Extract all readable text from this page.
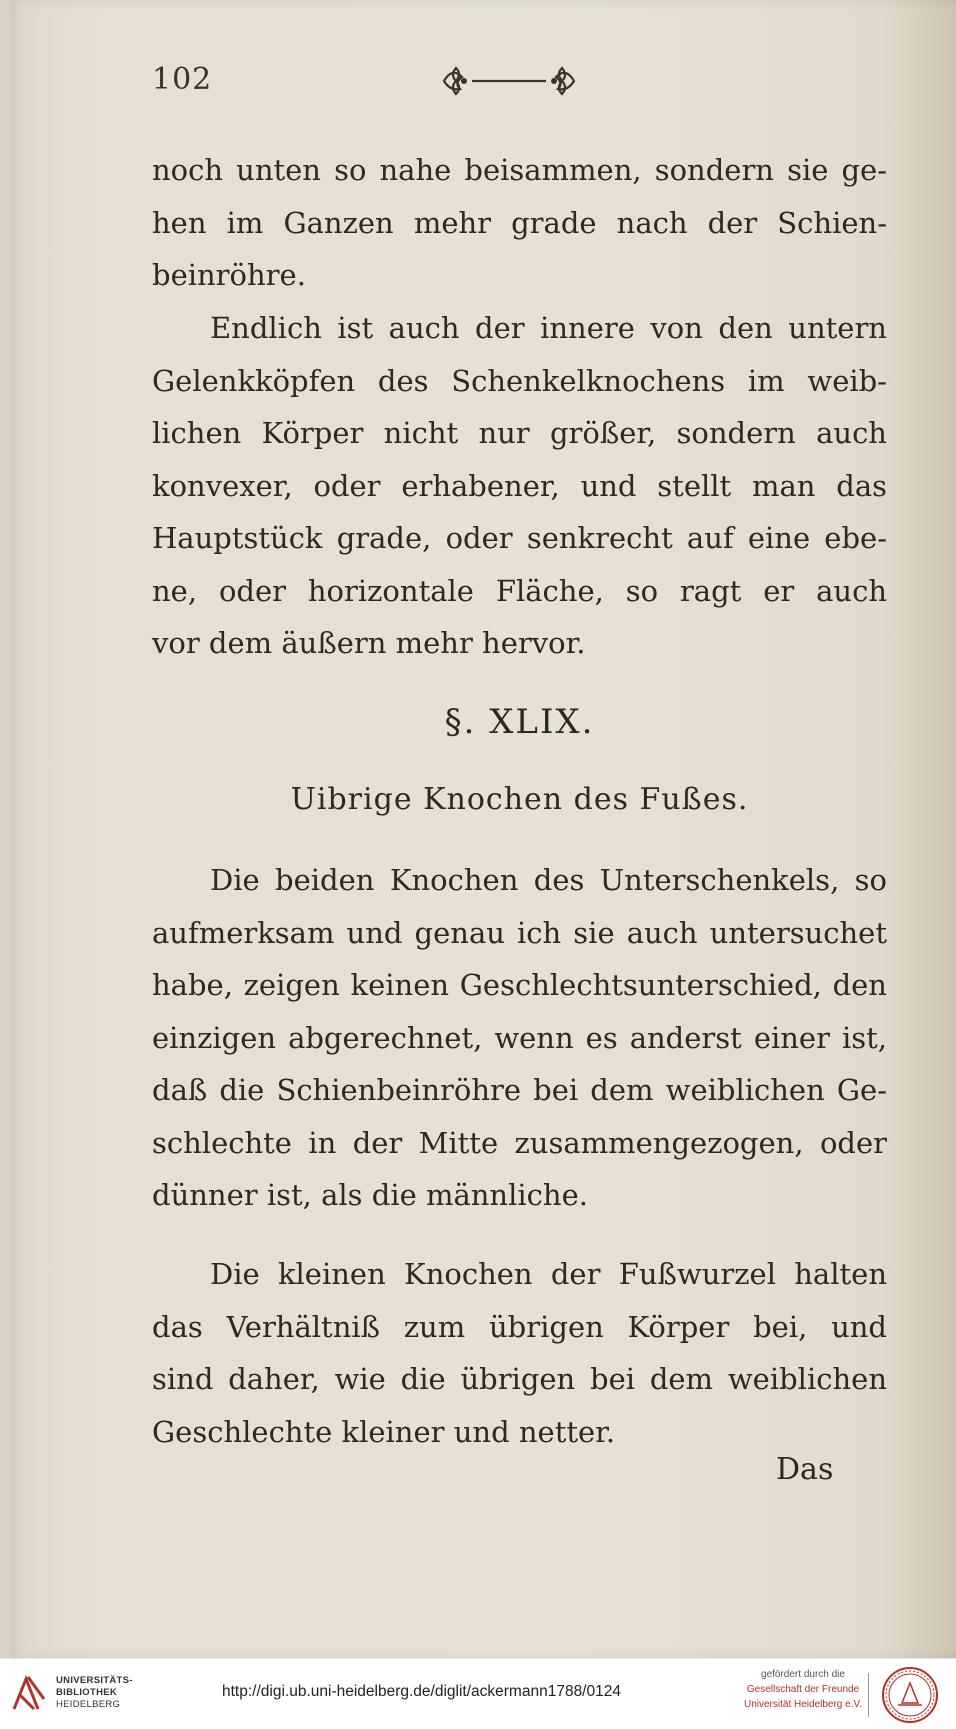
102
noch unten so nahe beisammen, sondern sie ge-
hen im Ganzen mehr grade nach der Schien-
beinröhre.
Endlich ist auch der innere von den untern
Gelenkköpfen des Schenkelknochens im weib-
lichen Körper nicht nur größer, sondern auch
konvexer, oder erhabener, und stellt man das
Hauptstück grade, oder senkrecht auf eine ebe-
ne, oder horizontale Fläche, so ragt er auch
vor dem äußern mehr hervor.
§. XLIX.
Uibrige Knochen des Fußes.
Die beiden Knochen des Unterschenkels, so
aufmerksam und genau ich sie auch untersuchet
habe, zeigen keinen Geschlechtsunterschied, den
einzigen abgerechnet, wenn es anderst einer ist,
daß die Schienbeinröhre bei dem weiblichen Ge-
schlechte in der Mitte zusammengezogen, oder
dünner ist, als die männliche.
Die kleinen Knochen der Fußwurzel halten
das Verhältniß zum übrigen Körper bei, und
sind daher, wie die übrigen bei dem weiblichen
Geschlechte kleiner und netter.
Das
UNIVERSITÄTS-
BIBLIOTHEK
HEIDELBERG
http://digi.ub.uni-heidelberg.de/diglit/ackermann1788/0124
gefördert durch die
Gesellschaft der Freunde
Universität Heidelberg e.V.
